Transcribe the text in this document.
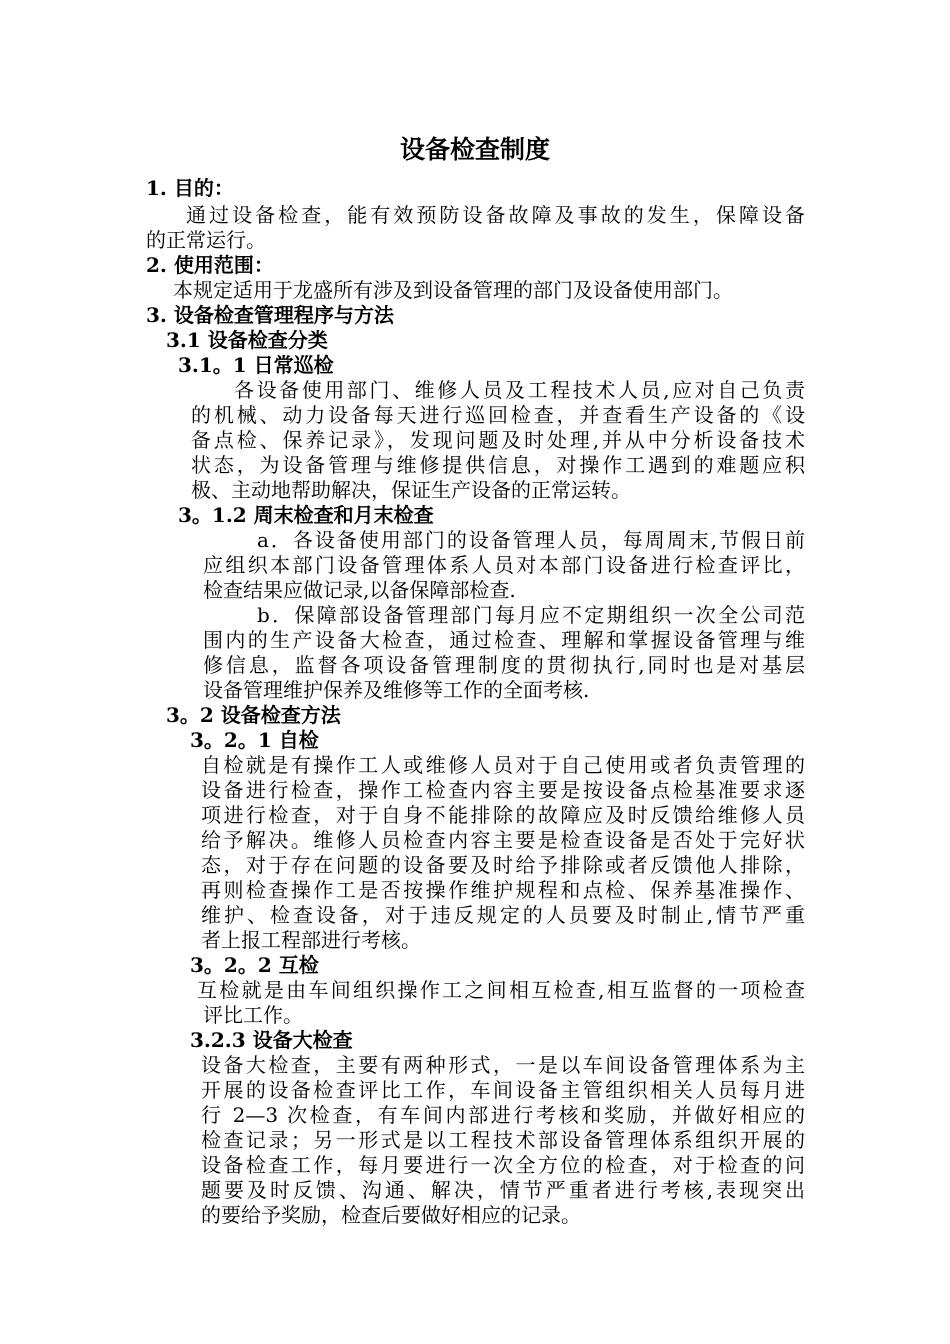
设备检查制度
1. 目的：
通过设备检查，能有效预防设备故障及事故的发生，保障设备
的正常运行。
2. 使用范围：
本规定适用于龙盛所有涉及到设备管理的部门及设备使用部门。
3. 设备检查管理程序与方法
3.1 设备检查分类
3.1。1 日常巡检
各设备使用部门、维修人员及工程技术人员,应对自己负责
的机械、动力设备每天进行巡回检查，并查看生产设备的《设
备点检、保养记录》，发现问题及时处理,并从中分析设备技术
状态，为设备管理与维修提供信息，对操作工遇到的难题应积
极、主动地帮助解决，保证生产设备的正常运转。
3。1.2 周末检查和月末检查
a．各设备使用部门的设备管理人员，每周周末,节假日前
应组织本部门设备管理体系人员对本部门设备进行检查评比，
检查结果应做记录,以备保障部检查.
b．保障部设备管理部门每月应不定期组织一次全公司范
围内的生产设备大检查，通过检查、理解和掌握设备管理与维
修信息，监督各项设备管理制度的贯彻执行,同时也是对基层
设备管理维护保养及维修等工作的全面考核.
3。2 设备检查方法
3。2。1 自检
自检就是有操作工人或维修人员对于自己使用或者负责管理的
设备进行检查，操作工检查内容主要是按设备点检基准要求逐
项进行检查，对于自身不能排除的故障应及时反馈给维修人员
给予解决。维修人员检查内容主要是检查设备是否处于完好状
态，对于存在问题的设备要及时给予排除或者反馈他人排除，
再则检查操作工是否按操作维护规程和点检、保养基准操作、
维护、检查设备，对于违反规定的人员要及时制止,情节严重
者上报工程部进行考核。
3。2。2 互检
互检就是由车间组织操作工之间相互检查,相互监督的一项检查
评比工作。
3.2.3 设备大检查
设备大检查，主要有两种形式，一是以车间设备管理体系为主
开展的设备检查评比工作，车间设备主管组织相关人员每月进
行 2—3 次检查，有车间内部进行考核和奖励，并做好相应的
检查记录；另一形式是以工程技术部设备管理体系组织开展的
设备检查工作，每月要进行一次全方位的检查，对于检查的问
题要及时反馈、沟通、解决，情节严重者进行考核,表现突出
的要给予奖励，检查后要做好相应的记录。
